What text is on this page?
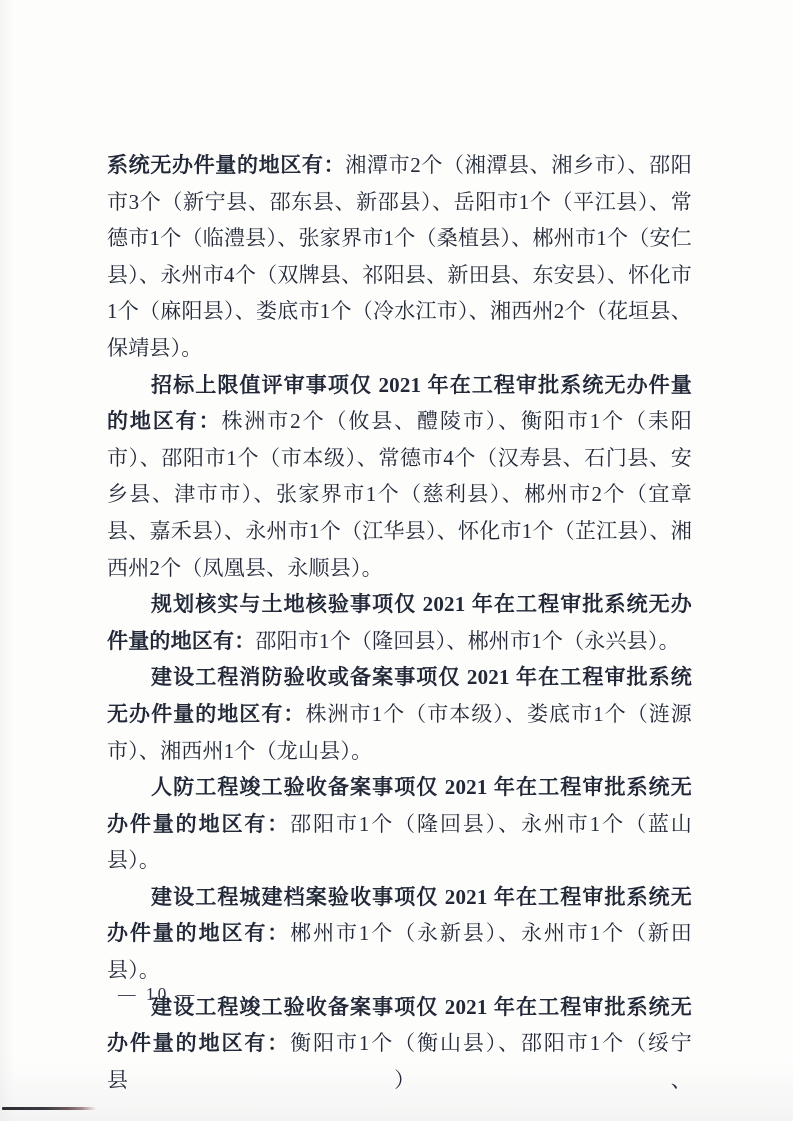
系统无办件量的地区有：湘潭市2个（湘潭县、湘乡市）、邵阳市3个（新宁县、邵东县、新邵县）、岳阳市1个（平江县）、常德市1个（临澧县）、张家界市1个（桑植县）、郴州市1个（安仁县）、永州市4个（双牌县、祁阳县、新田县、东安县）、怀化市1个（麻阳县）、娄底市1个（冷水江市）、湘西州2个（花垣县、保靖县）。

招标上限值评审事项仅 2021 年在工程审批系统无办件量的地区有：株洲市2个（攸县、醴陵市）、衡阳市1个（耒阳市）、邵阳市1个（市本级）、常德市4个（汉寿县、石门县、安乡县、津市市）、张家界市1个（慈利县）、郴州市2个（宜章县、嘉禾县）、永州市1个（江华县）、怀化市1个（芷江县）、湘西州2个（凤凰县、永顺县）。

规划核实与土地核验事项仅 2021 年在工程审批系统无办件量的地区有：邵阳市1个（隆回县）、郴州市1个（永兴县）。

建设工程消防验收或备案事项仅 2021 年在工程审批系统无办件量的地区有：株洲市1个（市本级）、娄底市1个（涟源市）、湘西州1个（龙山县）。

人防工程竣工验收备案事项仅 2021 年在工程审批系统无办件量的地区有：邵阳市1个（隆回县）、永州市1个（蓝山县）。

建设工程城建档案验收事项仅 2021 年在工程审批系统无办件量的地区有：郴州市1个（永新县）、永州市1个（新田县）。

建设工程竣工验收备案事项仅 2021 年在工程审批系统无办件量的地区有：衡阳市1个（衡山县）、邵阳市1个（绥宁县）、

— 10 —
